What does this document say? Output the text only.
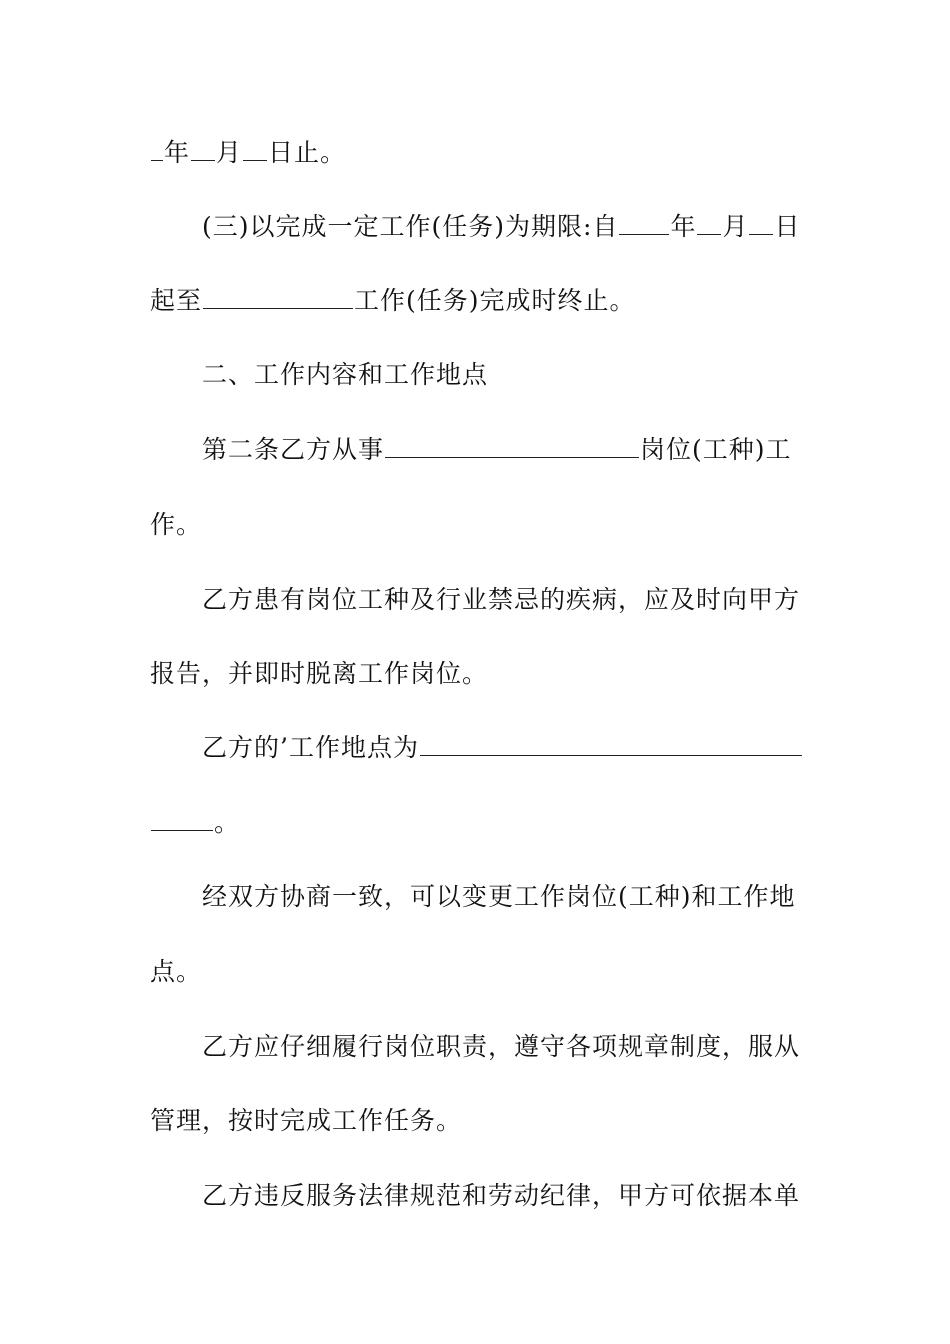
年 月 日止。
(三)以完成一定工作(任务)为期限:自 年 月 日
起至	工作(任务)完成时终止。
二、工作内容和工作地点
第二条乙方从事	岗位(工种)工
作。
乙方患有岗位工种及行业禁忌的疾病，应及时向甲方
报告，并即时脱离工作岗位。
乙方的’工作地点为
。
经双方协商一致，可以变更工作岗位(工种)和工作地
点。
乙方应仔细履行岗位职责，遵守各项规章制度，服从
管理，按时完成工作任务。
乙方违反服务法律规范和劳动纪律，甲方可依据本单
